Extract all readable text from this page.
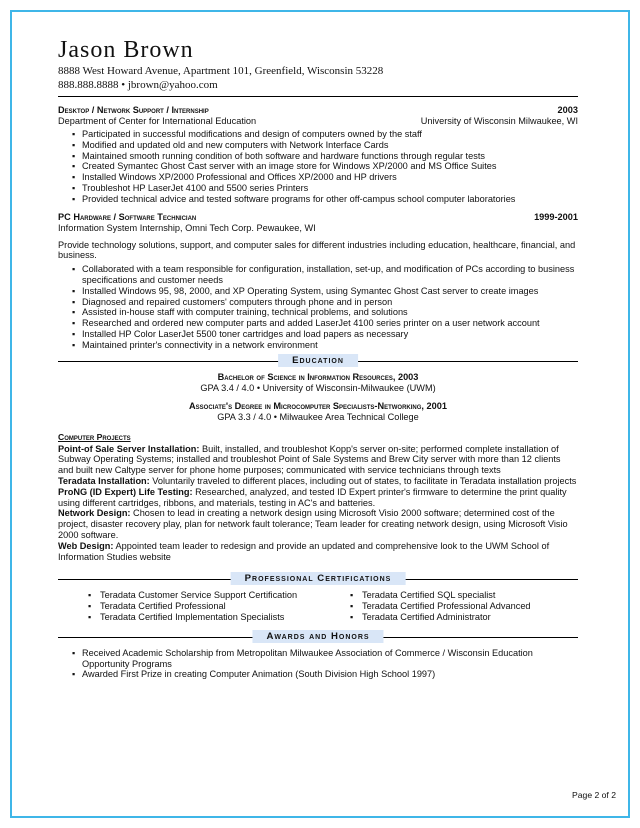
Jason Brown
8888 West Howard Avenue, Apartment 101, Greenfield, Wisconsin 53228
888.888.8888 • jbrown@yahoo.com
Desktop / Network Support / Internship	2003
Department of Center for International Education	University of Wisconsin Milwaukee, WI
▪ Participated in successful modifications and design of computers owned by the staff
▪ Modified and updated old and new computers with Network Interface Cards
▪ Maintained smooth running condition of both software and hardware functions through regular tests
▪ Created Symantec Ghost Cast server with an image store for Windows XP/2000 and MS Office Suites
▪ Installed Windows XP/2000 Professional and Offices XP/2000 and HP drivers
▪ Troubleshot HP LaserJet 4100 and 5500 series Printers
▪ Provided technical advice and tested software programs for other off-campus school computer laboratories
PC Hardware / Software Technician	1999-2001
Information System Internship, Omni Tech Corp. Pewaukee, WI

Provide technology solutions, support, and computer sales for different industries including education, healthcare, financial, and business.

▪ Collaborated with a team responsible for configuration, installation, set-up, and modification of PCs according to business specifications and customer needs
▪ Installed Windows 95, 98, 2000, and XP Operating System, using Symantec Ghost Cast server to create images
▪ Diagnosed and repaired customers' computers through phone and in person
▪ Assisted in-house staff with computer training, technical problems, and solutions
▪ Researched and ordered new computer parts and added LaserJet 4100 series printer on a user network account
▪ Installed HP Color LaserJet 5500 toner cartridges and load papers as necessary
▪ Maintained printer's connectivity in a network environment
Education
Bachelor of Science in Information Resources, 2003
GPA 3.4 / 4.0 • University of Wisconsin-Milwaukee (UWM)
Associate's Degree in Microcomputer Specialists-Networking, 2001
GPA 3.3 / 4.0 • Milwaukee Area Technical College
Computer Projects

Point-of Sale Server Installation: Built, installed, and troubleshot Kopp's server on-site; performed complete installation of Subway Operating Systems; installed and troubleshot Point of Sale Systems and Brew City server with more than 12 clients and built new Caltype server for phone home purposes; communicated with service technicians through texts

Teradata Installation: Voluntarily traveled to different places, including out of states, to facilitate in Teradata installation projects

ProNG (ID Expert) Life Testing: Researched, analyzed, and tested ID Expert printer's firmware to determine the print quality using different cartridges, ribbons, and materials, testing in AC's and batteries.

Network Design: Chosen to lead in creating a network design using Microsoft Visio 2000 software; determined cost of the project, disaster recovery play, plan for network fault tolerance; Team leader for creating network design, using Microsoft Visio 2000 software.

Web Design: Appointed team leader to redesign and provide an updated and comprehensive look to the UWM School of Information Studies website

Professional Certifications
▪ Teradata Customer Service Support Certification
▪ Teradata Certified Professional
▪ Teradata Certified Implementation Specialists
▪ Teradata Certified SQL specialist
▪ Teradata Certified Professional Advanced
▪ Teradata Certified Administrator
Awards and Honors
▪ Received Academic Scholarship from Metropolitan Milwaukee Association of Commerce / Wisconsin Education Opportunity Programs
▪ Awarded First Prize in creating Computer Animation (South Division High School 1997)
Page 2 of 2
